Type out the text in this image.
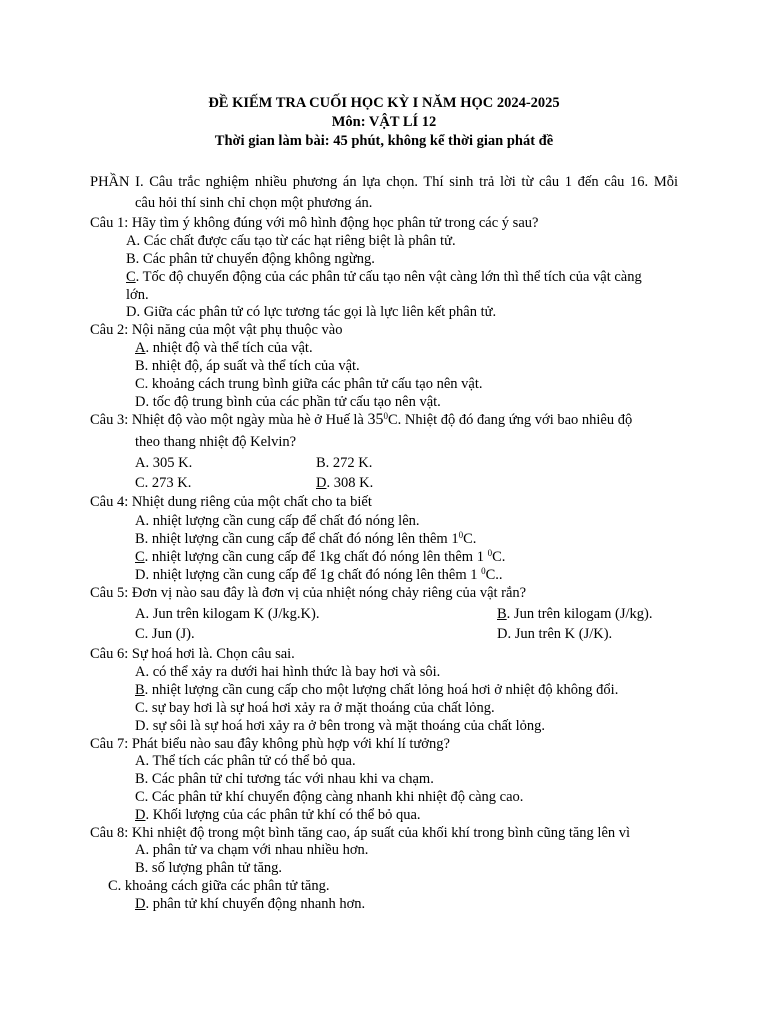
ĐỀ KIẾM TRA CUỐI HỌC KỲ I NĂM HỌC 2024-2025
Môn: VẬT LÍ 12
Thời gian làm bài: 45 phút, không kể thời gian phát đề
PHẦN I. Câu trắc nghiệm nhiều phương án lựa chọn. Thí sinh trả lời từ câu 1 đến câu 16. Mỗi
câu hỏi thí sinh chỉ chọn một phương án.
Câu 1: Hãy tìm ý không đúng với mô hình động học phân tử trong các ý sau?
A. Các chất được cấu tạo từ các hạt riêng biệt là phân tử.
B. Các phân tử chuyển động không ngừng.
C. Tốc độ chuyển động của các phân tử cấu tạo nên vật càng lớn thì thể tích của vật càng
lớn.
D. Giữa các phân tử có lực tương tác gọi là lực liên kết phân tử.
Câu 2: Nội năng của một vật phụ thuộc vào
A. nhiệt độ và thể tích của vật.
B. nhiệt độ, áp suất và thể tích của vật.
C. khoảng cách trung bình giữa các phân tử cấu tạo nên vật.
D. tốc độ trung bình của các phần tử cấu tạo nên vật.
Câu 3: Nhiệt độ vào một ngày mùa hè ở Huế là $35^0C$. Nhiệt độ đó đang ứng với bao nhiêu độ
theo thang nhiệt độ Kelvin?
A. 305 K.	B. 272 K.
C. 273 K.	D. 308 K.
Câu 4: Nhiệt dung riêng của một chất cho ta biết
A. nhiệt lượng cần cung cấp để chất đó nóng lên.
B. nhiệt lượng cần cung cấp để chất đó nóng lên thêm $1^0C$.
C. nhiệt lượng cần cung cấp để 1kg chất đó nóng lên thêm 1 $^0$C.
D. nhiệt lượng cần cung cấp để 1g chất đó nóng lên thêm 1 $^0$C..
Câu 5: Đơn vị nào sau đây là đơn vị của nhiệt nóng chảy riêng của vật rắn?
A. Jun trên kilogam K (J/kg.K).	B. Jun trên kilogam (J/kg).
C. Jun (J).	D. Jun trên K (J/K).
Câu 6: Sự hoá hơi là. Chọn câu sai.
A. có thể xảy ra dưới hai hình thức là bay hơi và sôi.
B. nhiệt lượng cần cung cấp cho một lượng chất lỏng hoá hơi ở nhiệt độ không đổi.
C. sự bay hơi là sự hoá hơi xảy ra ở mặt thoáng của chất lỏng.
D. sự sôi là sự hoá hơi xảy ra ở bên trong và mặt thoáng của chất lỏng.
Câu 7: Phát biểu nào sau đây không phù hợp với khí lí tưởng?
A. Thể tích các phân tử có thể bỏ qua.
B. Các phân tử chỉ tương tác với nhau khi va chạm.
C. Các phân tử khí chuyển động càng nhanh khi nhiệt độ càng cao.
D. Khối lượng của các phân tử khí có thể bỏ qua.
Câu 8: Khi nhiệt độ trong một bình tăng cao, áp suất của khối khí trong bình cũng tăng lên vì
A. phân tử va chạm với nhau nhiều hơn.
B. số lượng phân tử tăng.
C. khoảng cách giữa các phân tử tăng.
D. phân tử khí chuyển động nhanh hơn.
